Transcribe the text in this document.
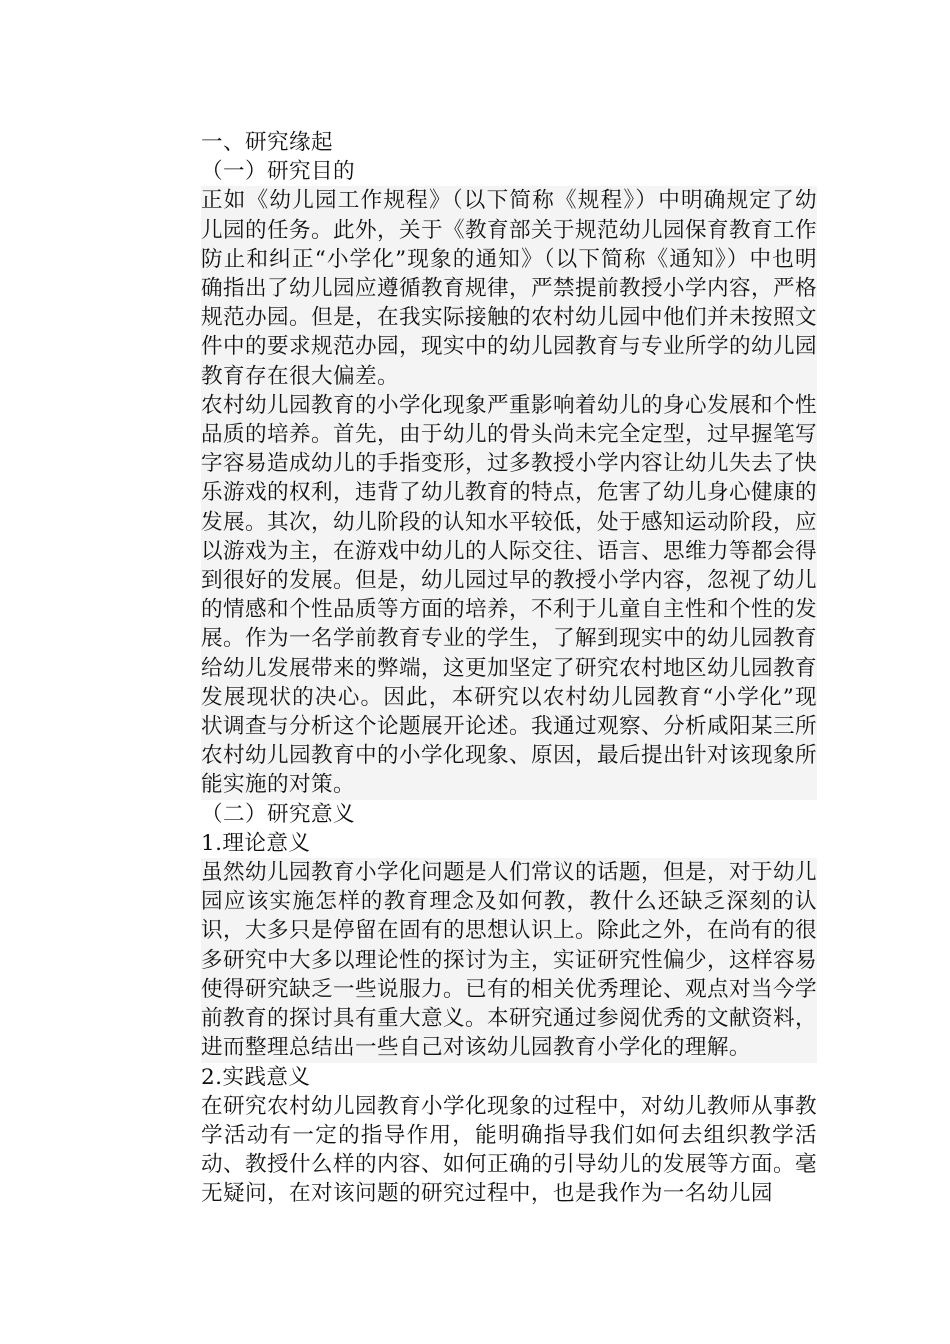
一、研究缘起

（一）研究目的

正如《幼儿园工作规程》（以下简称《规程》）中明确规定了幼儿园的任务。此外，关于《教育部关于规范幼儿园保育教育工作防止和纠正“小学化”现象的通知》（以下简称《通知》）中也明确指出了幼儿园应遵循教育规律，严禁提前教授小学内容，严格规范办园。但是，在我实际接触的农村幼儿园中他们并未按照文件中的要求规范办园，现实中的幼儿园教育与专业所学的幼儿园教育存在很大偏差。

农村幼儿园教育的小学化现象严重影响着幼儿的身心发展和个性品质的培养。首先，由于幼儿的骨头尚未完全定型，过早握笔写字容易造成幼儿的手指变形，过多教授小学内容让幼儿失去了快乐游戏的权利，违背了幼儿教育的特点，危害了幼儿身心健康的发展。其次，幼儿阶段的认知水平较低，处于感知运动阶段，应以游戏为主，在游戏中幼儿的人际交往、语言、思维力等都会得到很好的发展。但是，幼儿园过早的教授小学内容，忽视了幼儿的情感和个性品质等方面的培养，不利于儿童自主性和个性的发展。作为一名学前教育专业的学生，了解到现实中的幼儿园教育给幼儿发展带来的弊端，这更加坚定了研究农村地区幼儿园教育发展现状的决心。因此，本研究以农村幼儿园教育“小学化”现状调查与分析这个论题展开论述。我通过观察、分析咸阳某三所农村幼儿园教育中的小学化现象、原因，最后提出针对该现象所能实施的对策。

（二）研究意义

1.理论意义

虽然幼儿园教育小学化问题是人们常议的话题，但是，对于幼儿园应该实施怎样的教育理念及如何教，教什么还缺乏深刻的认识，大多只是停留在固有的思想认识上。除此之外，在尚有的很多研究中大多以理论性的探讨为主，实证研究性偏少，这样容易使得研究缺乏一些说服力。已有的相关优秀理论、观点对当今学前教育的探讨具有重大意义。本研究通过参阅优秀的文献资料，进而整理总结出一些自己对该幼儿园教育小学化的理解。

2.实践意义

在研究农村幼儿园教育小学化现象的过程中，对幼儿教师从事教学活动有一定的指导作用，能明确指导我们如何去组织教学活动、教授什么样的内容、如何正确的引导幼儿的发展等方面。毫无疑问，在对该问题的研究过程中，也是我作为一名幼儿园
